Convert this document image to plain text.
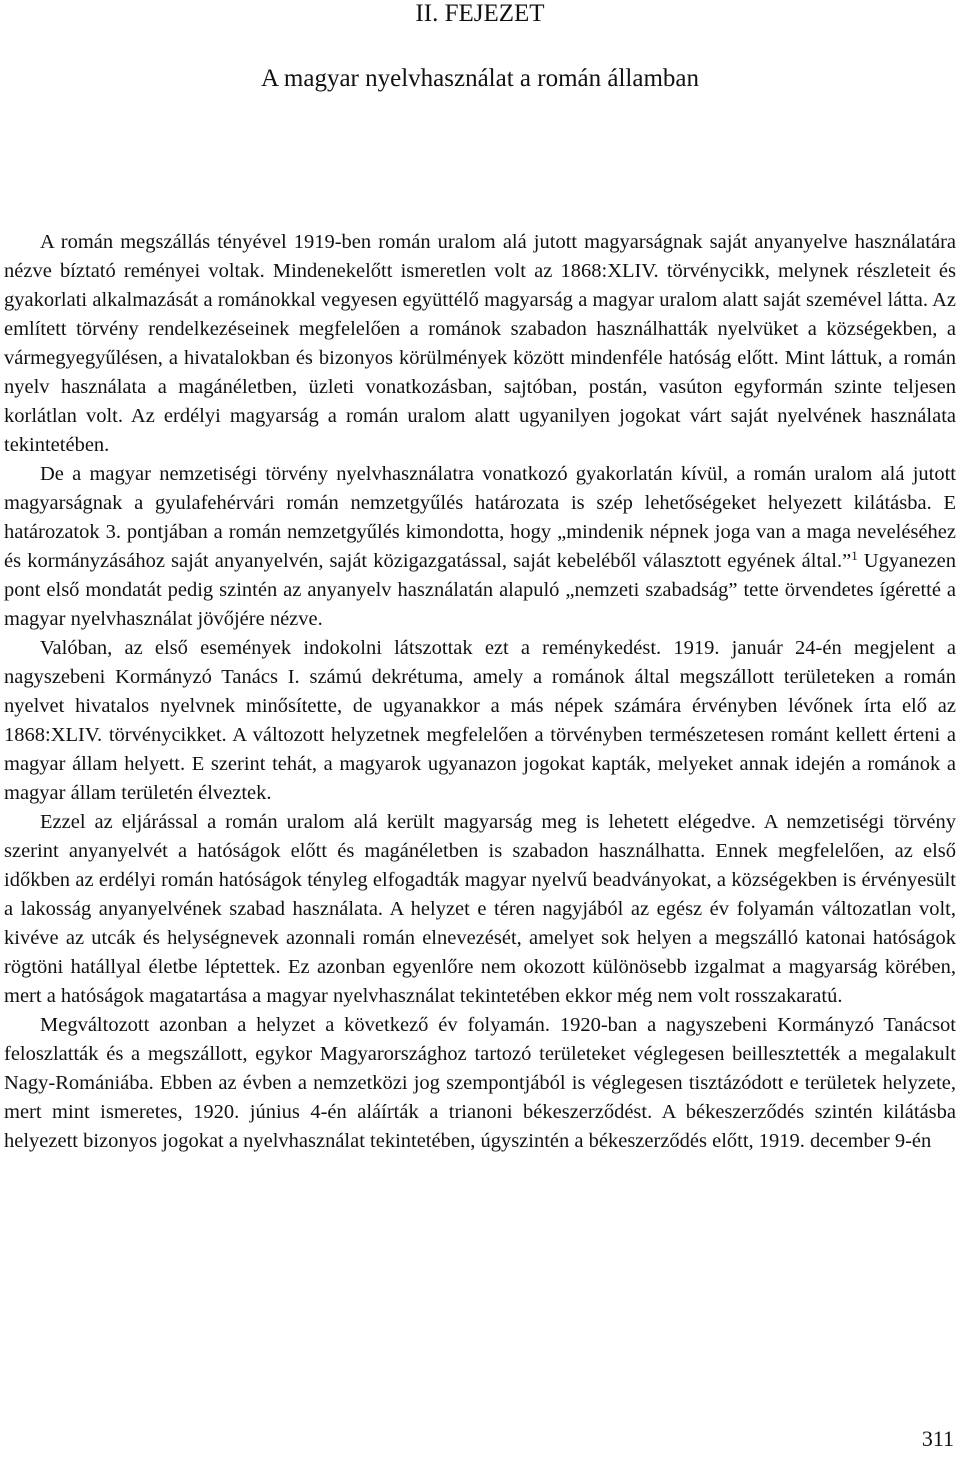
II. FEJEZET
A magyar nyelvhasználat a román államban

A román megszállás tényével 1919-ben román uralom alá jutott magyarságnak saját anyanyelve használatára nézve bíztató reményei voltak. Mindenekelőtt ismeretlen volt az 1868:XLIV. törvénycikk, melynek részleteit és gyakorlati alkalmazását a románokkal vegyesen együttélő magyarság a magyar uralom alatt saját szemével látta. Az említett törvény rendelkezéseinek megfelelően a románok szabadon használhatták nyelvüket a községekben, a vármegyegyűlésen, a hivatalokban és bizonyos körülmények között mindenféle hatóság előtt. Mint láttuk, a román nyelv használata a magánéletben, üzleti vonatkozásban, sajtóban, postán, vasúton egyformán szinte teljesen korlátlan volt. Az erdélyi magyarság a román uralom alatt ugyanilyen jogokat várt saját nyelvének használata tekintetében.

De a magyar nemzetiségi törvény nyelvhasználatra vonatkozó gyakorlatán kívül, a román uralom alá jutott magyarságnak a gyulafehérvári román nemzetgyűlés határozata is szép lehetőségeket helyezett kilátásba. E határozatok 3. pontjában a román nemzetgyűlés kimondotta, hogy „mindenik népnek joga van a maga neveléséhez és kormányzásához saját anyanyelvén, saját közigazgatással, saját kebeléből választott egyének által.”$^1$ Ugyanezen pont első mondatát pedig szintén az anyanyelv használatán alapuló „nemzeti szabadság” tette örvendetes ígéretté a magyar nyelvhasználat jövőjére nézve.

Valóban, az első események indokolni látszottak ezt a reménykedést. 1919. január 24-én megjelent a nagyszebeni Kormányzó Tanács I. számú dekrétuma, amely a románok által megszállott területeken a román nyelvet hivatalos nyelvnek minősítette, de ugyanakkor a más népek számára érvényben lévőnek írta elő az 1868:XLIV. törvénycikket. A változott helyzetnek megfelelően a törvényben természetesen románt kellett érteni a magyar állam helyett. E szerint tehát, a magyarok ugyanazon jogokat kapták, melyeket annak idején a románok a magyar állam területén élveztek.

Ezzel az eljárással a román uralom alá került magyarság meg is lehetett elégedve. A nemzetiségi törvény szerint anyanyelvét a hatóságok előtt és magánéletben is szabadon használhatta. Ennek megfelelően, az első időkben az erdélyi román hatóságok tényleg elfogadták magyar nyelvű beadványokat, a községekben is érvényesült a lakosság anyanyelvének szabad használata. A helyzet e téren nagyjából az egész év folyamán változatlan volt, kivéve az utcák és helységnevek azonnali román elnevezését, amelyet sok helyen a megszálló katonai hatóságok rögtöni hatállyal életbe léptettek. Ez azonban egyenlőre nem okozott különösebb izgalmat a magyarság körében, mert a hatóságok magatartása a magyar nyelvhasználat tekintetében ekkor még nem volt rosszakaratú.

Megváltozott azonban a helyzet a következő év folyamán. 1920-ban a nagyszebeni Kormányzó Tanácsot feloszlatták és a megszállott, egykor Magyarországhoz tartozó területeket véglegesen beillesztették a megalakult Nagy-Romániába. Ebben az évben a nemzetközi jog szempontjából is véglegesen tisztázódott e területek helyzete, mert mint ismeretes, 1920. június 4-én aláírták a trianoni békeszerződést. A békeszerződés szintén kilátásba helyezett bizonyos jogokat a nyelvhasználat tekintetében, úgyszintén a békeszerződés előtt, 1919. december 9-én

311
